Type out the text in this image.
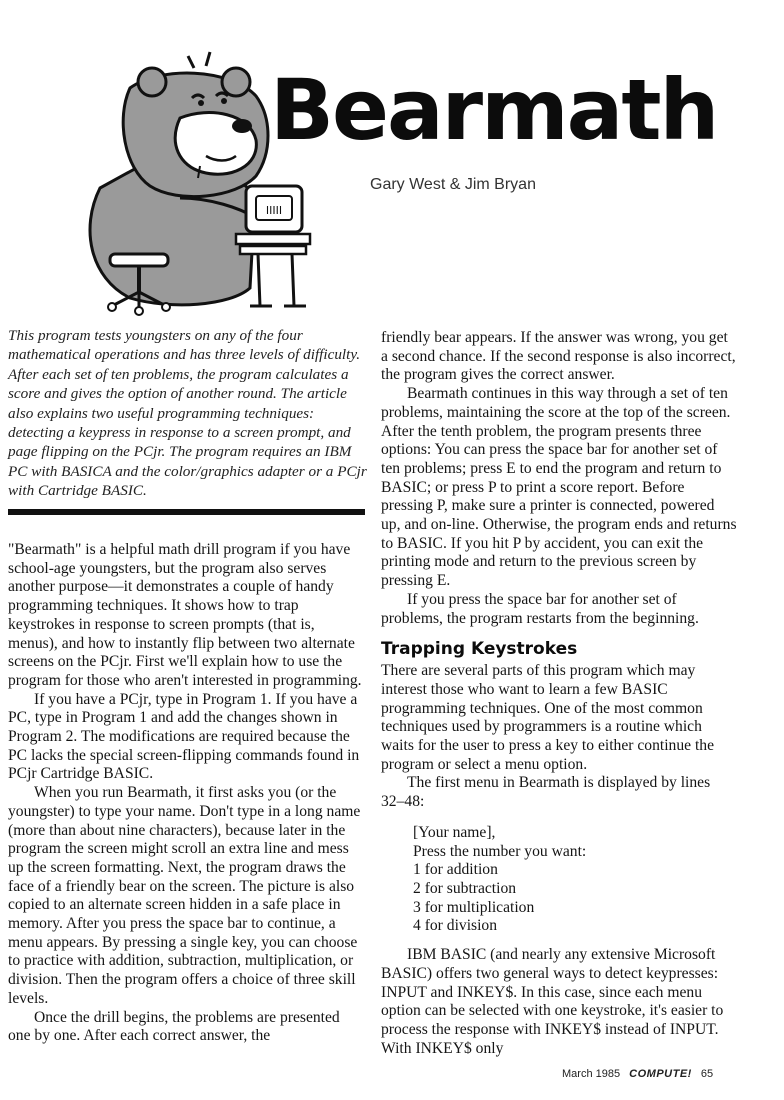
IIIII
Bearmath
Gary West & Jim Bryan

This program tests youngsters on any of the four mathematical operations and has three levels of difficulty. After each set of ten problems, the program calculates a score and gives the option of another round. The article also explains two useful programming techniques: detecting a keypress in response to a screen prompt, and page flipping on the PCjr. The program requires an IBM PC with BASICA and the color/graphics adapter or a PCjr with Cartridge BASIC.

"Bearmath" is a helpful math drill program if you have school-age youngsters, but the program also serves another purpose—it demonstrates a couple of handy programming techniques. It shows how to trap keystrokes in response to screen prompts (that is, menus), and how to instantly flip between two alternate screens on the PCjr. First we'll explain how to use the program for those who aren't interested in programming.

If you have a PCjr, type in Program 1. If you have a PC, type in Program 1 and add the changes shown in Program 2. The modifications are required because the PC lacks the special screen-flipping commands found in PCjr Cartridge BASIC.

When you run Bearmath, it first asks you (or the youngster) to type your name. Don't type in a long name (more than about nine characters), because later in the program the screen might scroll an extra line and mess up the screen formatting. Next, the program draws the face of a friendly bear on the screen. The picture is also copied to an alternate screen hidden in a safe place in memory. After you press the space bar to continue, a menu appears. By pressing a single key, you can choose to practice with addition, subtraction, multiplication, or division. Then the program offers a choice of three skill levels.

Once the drill begins, the problems are presented one by one. After each correct answer, the

friendly bear appears. If the answer was wrong, you get a second chance. If the second response is also incorrect, the program gives the correct answer.

Bearmath continues in this way through a set of ten problems, maintaining the score at the top of the screen. After the tenth problem, the program presents three options: You can press the space bar for another set of ten problems; press E to end the program and return to BASIC; or press P to print a score report. Before pressing P, make sure a printer is connected, powered up, and on-line. Otherwise, the program ends and returns to BASIC. If you hit P by accident, you can exit the printing mode and return to the previous screen by pressing E.

If you press the space bar for another set of problems, the program restarts from the beginning.

Trapping Keystrokes

There are several parts of this program which may interest those who want to learn a few BASIC programming techniques. One of the most common techniques used by programmers is a routine which waits for the user to press a key to either continue the program or select a menu option.

The first menu in Bearmath is displayed by lines 32–48:

[Your name],
Press the number you want:
1 for addition
2 for subtraction
3 for multiplication
4 for division

IBM BASIC (and nearly any extensive Microsoft BASIC) offers two general ways to detect keypresses: INPUT and INKEY$. In this case, since each menu option can be selected with one keystroke, it's easier to process the response with INKEY$ instead of INPUT. With INKEY$ only

March 1985 COMPUTE! 65
